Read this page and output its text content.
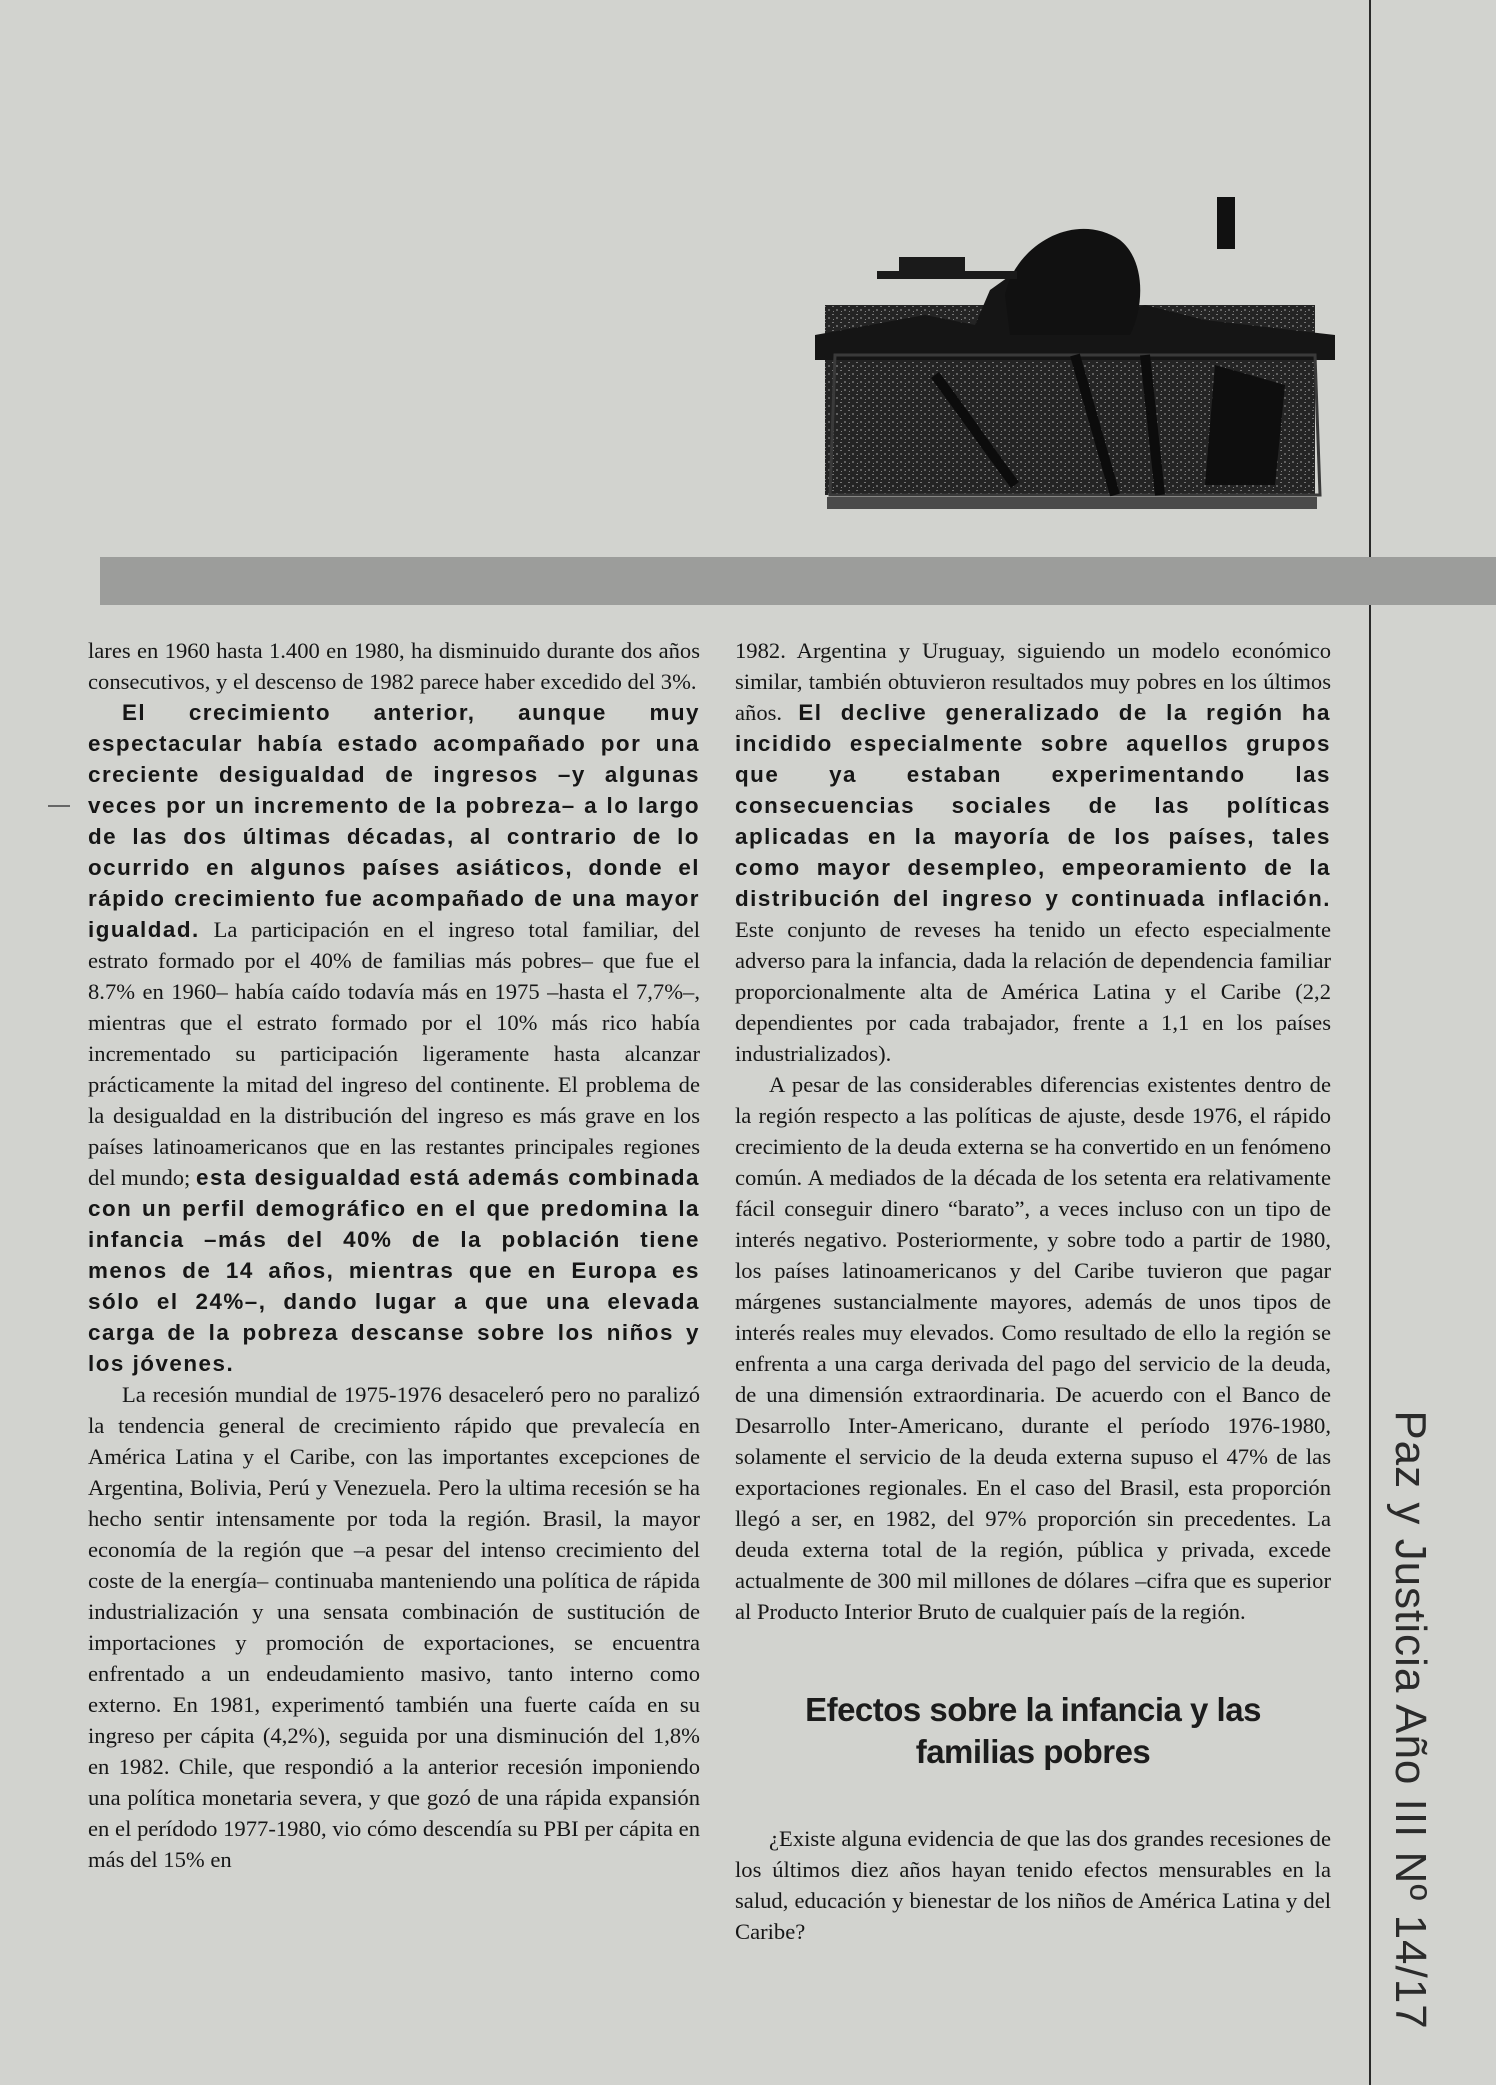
lares en 1960 hasta 1.400 en 1980, ha disminuido durante dos años consecutivos, y el descenso de 1982 parece haber excedido del 3%.

El crecimiento anterior, aunque muy espectacular había estado acompañado por una creciente desigualdad de ingresos –y algunas veces por un incremento de la pobreza– a lo largo de las dos últimas décadas, al contrario de lo ocurrido en algunos países asiáticos, donde el rápido crecimiento fue acompañado de una mayor igualdad. La participación en el ingreso total familiar, del estrato formado por el 40% de familias más pobres– que fue el 8.7% en 1960– había caído todavía más en 1975 –hasta el 7,7%–, mientras que el estrato formado por el 10% más rico había incrementado su participación ligeramente hasta alcanzar prácticamente la mitad del ingreso del continente. El problema de la desigualdad en la distribución del ingreso es más grave en los países latinoamericanos que en las restantes principales regiones del mundo; esta desigualdad está además combinada con un perfil demográfico en el que predomina la infancia –más del 40% de la población tiene menos de 14 años, mientras que en Europa es sólo el 24%–, dando lugar a que una elevada carga de la pobreza descanse sobre los niños y los jóvenes.

La recesión mundial de 1975-1976 desaceleró pero no paralizó la tendencia general de crecimiento rápido que prevalecía en América Latina y el Caribe, con las importantes excepciones de Argentina, Bolivia, Perú y Venezuela. Pero la ultima recesión se ha hecho sentir intensamente por toda la región. Brasil, la mayor economía de la región que –a pesar del intenso crecimiento del coste de la energía– continuaba manteniendo una política de rápida industrialización y una sensata combinación de sustitución de importaciones y promoción de exportaciones, se encuentra enfrentado a un endeudamiento masivo, tanto interno como externo. En 1981, experimentó también una fuerte caída en su ingreso per cápita (4,2%), seguida por una disminución del 1,8% en 1982. Chile, que respondió a la anterior recesión imponiendo una política monetaria severa, y que gozó de una rápida expansión en el perídodo 1977-1980, vio cómo descendía su PBI per cápita en más del 15% en

1982. Argentina y Uruguay, siguiendo un modelo económico similar, también obtuvieron resultados muy pobres en los últimos años. El declive generalizado de la región ha incidido especialmente sobre aquellos grupos que ya estaban experimentando las consecuencias sociales de las políticas aplicadas en la mayoría de los países, tales como mayor desempleo, empeoramiento de la distribución del ingreso y continuada inflación. Este conjunto de reveses ha tenido un efecto especialmente adverso para la infancia, dada la relación de dependencia familiar proporcionalmente alta de América Latina y el Caribe (2,2 dependientes por cada trabajador, frente a 1,1 en los países industrializados).

A pesar de las considerables diferencias existentes dentro de la región respecto a las políticas de ajuste, desde 1976, el rápido crecimiento de la deuda externa se ha convertido en un fenómeno común. A mediados de la década de los setenta era relativamente fácil conseguir dinero “barato”, a veces incluso con un tipo de interés negativo. Posteriormente, y sobre todo a partir de 1980, los países latinoamericanos y del Caribe tuvieron que pagar márgenes sustancialmente mayores, además de unos tipos de interés reales muy elevados. Como resultado de ello la región se enfrenta a una carga derivada del pago del servicio de la deuda, de una dimensión extraordinaria. De acuerdo con el Banco de Desarrollo Inter-Americano, durante el período 1976-1980, solamente el servicio de la deuda externa supuso el 47% de las exportaciones regionales. En el caso del Brasil, esta proporción llegó a ser, en 1982, del 97% proporción sin precedentes. La deuda externa total de la región, pública y privada, excede actualmente de 300 mil millones de dólares –cifra que es superior al Producto Interior Bruto de cualquier país de la región.

Efectos sobre la infancia y las familias pobres

¿Existe alguna evidencia de que las dos grandes recesiones de los últimos diez años hayan tenido efectos mensurables en la salud, educación y bienestar de los niños de América Latina y del Caribe?	Paz y Justicia Año III Nº 14/17
